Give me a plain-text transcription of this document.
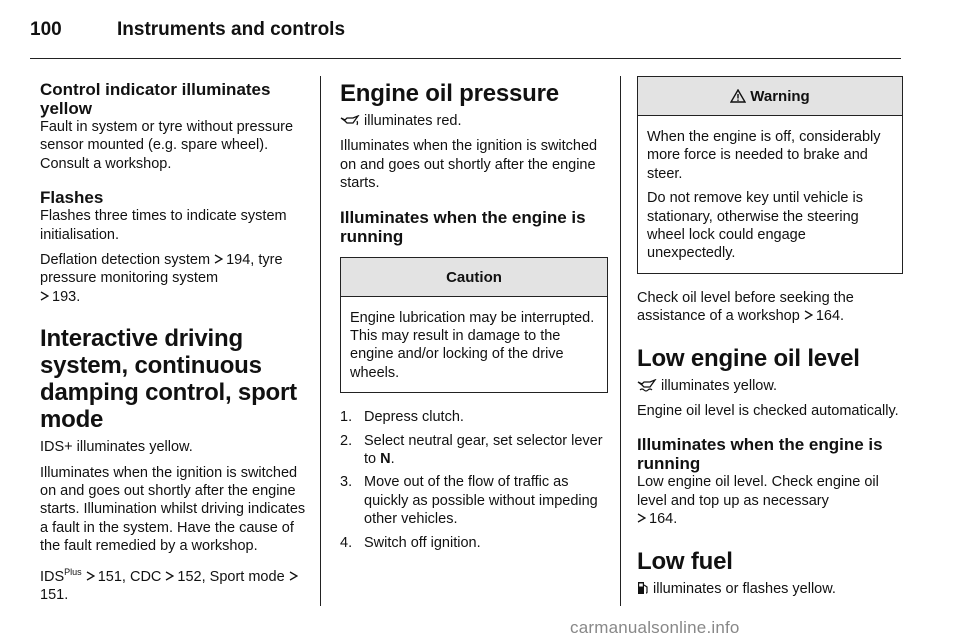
100	Instruments and controls

Control indicator illuminates yellow

Fault in system or tyre without pressure sensor mounted (e.g. spare wheel). Consult a workshop.

Flashes

Flashes three times to indicate system initialisation.

Deflation detection system 194, tyre pressure monitoring system
193.

Interactive driving system, continuous damping control, sport mode

IDS+ illuminates yellow.

Illuminates when the ignition is switched on and goes out shortly after the engine starts. Illumination whilst driving indicates a fault in the system. Have the cause of the fault remedied by a workshop.

$IDS^{Plus}$ 151, CDC 152, Sport mode 151.

Engine oil pressure

illuminates red.

Illuminates when the ignition is switched on and goes out shortly after the engine starts.

Illuminates when the engine is running

Caution

Engine lubrication may be interrupted. This may result in damage to the engine and/or locking of the drive wheels.

1. Depress clutch.
2. Select neutral gear, set selector lever to N.
3. Move out of the flow of traffic as quickly as possible without impeding other vehicles.
4. Switch off ignition.
Warning

When the engine is off, considerably more force is needed to brake and steer.

Do not remove key until vehicle is stationary, otherwise the steering wheel lock could engage unexpectedly.

Check oil level before seeking the assistance of a workshop 164.

Low engine oil level

illuminates yellow.

Engine oil level is checked automatically.

Illuminates when the engine is running

Low engine oil level. Check engine oil level and top up as necessary
164.

Low fuel

illuminates or flashes yellow.

carmanualsonline.info
